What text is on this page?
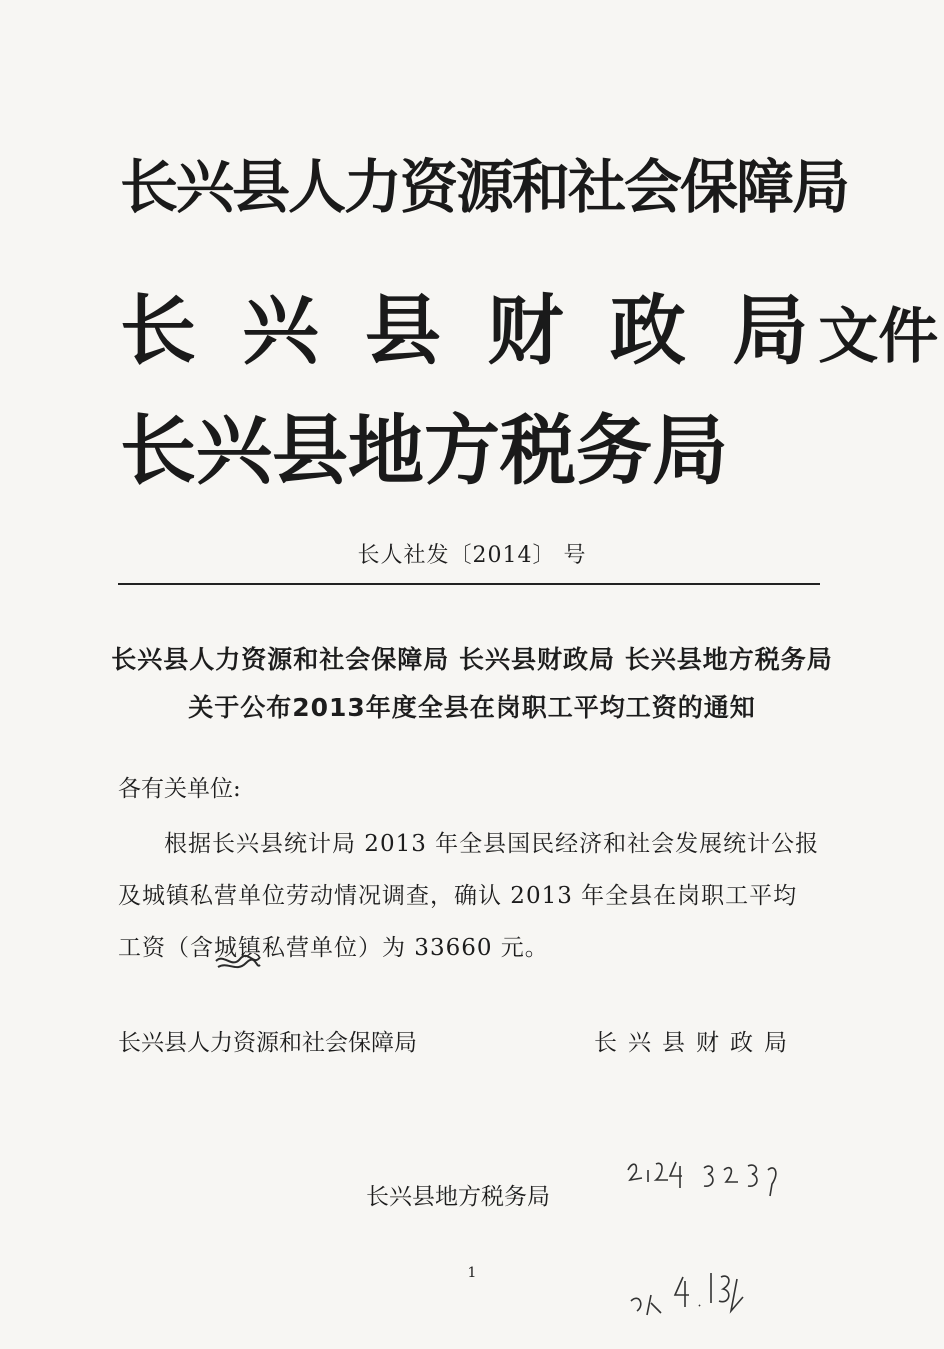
长兴县人力资源和社会保障局
长 兴 县 财 政 局文件
长兴县地方税务局
长人社发〔2014〕 号
长兴县人力资源和社会保障局 长兴县财政局 长兴县地方税务局
关于公布2013年度全县在岗职工平均工资的通知
各有关单位:
根据长兴县统计局 2013 年全县国民经济和社会发展统计公报及城镇私营单位劳动情况调查，确认 2013 年全县在岗职工平均工资（含城镇
私营单位）为 33660 元。
长兴县人力资源和社会保障局	长兴县财政局
长兴县地方税务局
1
